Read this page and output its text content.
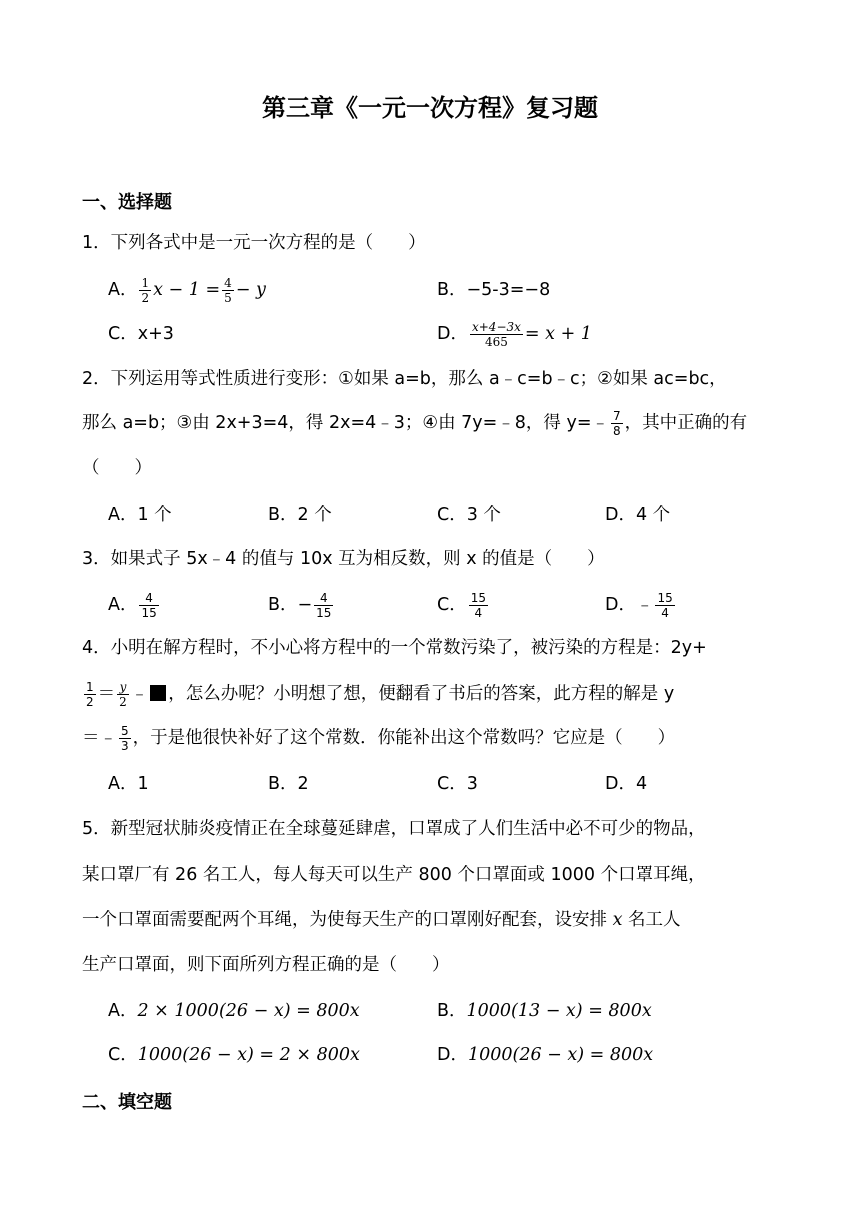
第三章《一元一次方程》复习题
一、选择题
1．下列各式中是一元一次方程的是（　　）
A． $\frac{1}{2}$ $x - 1 = \frac{4}{5} - y$	B．−5-3=−8
C．x+3	D． $\frac{x+4-3x}{465} = x + 1$
2．下列运用等式性质进行变形：①如果 a=b，那么 a﹣c=b﹣c；②如果 ac=bc，
那么 a=b；③由 2x+3=4，得 2x=4﹣3；④由 7y=﹣8，得 y=﹣ $\frac{7}{8}$ ，其中正确的有
（　　）
A．1 个	B．2 个	C．3 个	D．4 个
3．如果式子 5x﹣4 的值与 10x 互为相反数，则 x 的值是（　　）
A． $\frac{4}{15}$	B．− $\frac{4}{15}$	C． $\frac{15}{4}$	D．﹣ $\frac{15}{4}$
4．小明在解方程时，不小心将方程中的一个常数污染了，被污染的方程是：2y+
$\frac{1}{2} = \frac{y}{2}$ ﹣ ，怎么办呢？小明想了想，便翻看了书后的答案，此方程的解是 y
＝﹣ $\frac{5}{3}$ ，于是他很快补好了这个常数．你能补出这个常数吗？它应是（　　）
A．1	B．2	C．3	D．4
5．新型冠状肺炎疫情正在全球蔓延肆虐，口罩成了人们生活中必不可少的物品，
某口罩厂有 26 名工人，每人每天可以生产 800 个口罩面或 1000 个口罩耳绳，
一个口罩面需要配两个耳绳，为使每天生产的口罩刚好配套，设安排 x 名工人
生产口罩面，则下面所列方程正确的是（　　）
A．2 × 1000(26 − x) = 800x	B．1000(13 − x) = 800x
C．1000(26 − x) = 2 × 800x	D．1000(26 − x) = 800x
二、填空题
